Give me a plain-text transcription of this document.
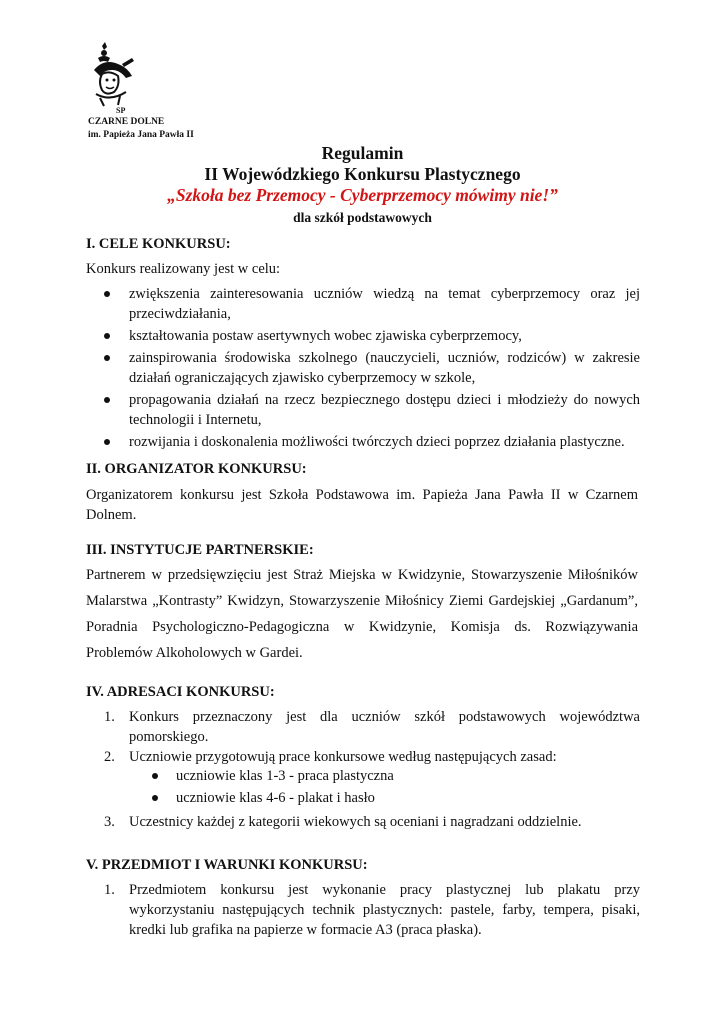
SP
CZARNE DOLNE
im. Papieża Jana Pawła II
Regulamin
II Wojewódzkiego Konkursu Plastycznego
„Szkoła bez Przemocy - Cyberprzemocy mówimy nie!”
dla szkół podstawowych
I. CELE KONKURSU:
Konkurs realizowany jest w celu:
zwiększenia zainteresowania uczniów wiedzą na temat cyberprzemocy oraz jej przeciwdziałania,
kształtowania postaw asertywnych wobec zjawiska cyberprzemocy,
zainspirowania środowiska szkolnego (nauczycieli, uczniów, rodziców) w zakresie działań ograniczających zjawisko cyberprzemocy w szkole,
propagowania działań na rzecz bezpiecznego dostępu dzieci i młodzieży do nowych technologii i Internetu,
rozwijania i doskonalenia możliwości twórczych dzieci poprzez działania plastyczne.
II. ORGANIZATOR KONKURSU:
Organizatorem konkursu jest Szkoła Podstawowa im. Papieża Jana Pawła II w Czarnem Dolnem.
III. INSTYTUCJE PARTNERSKIE:
Partnerem w przedsięwzięciu jest Straż Miejska w Kwidzynie, Stowarzyszenie Miłośników Malarstwa „Kontrasty” Kwidzyn, Stowarzyszenie Miłośnicy Ziemi Gardejskiej „Gardanum”, Poradnia Psychologiczno-Pedagogiczna w Kwidzynie, Komisja ds. Rozwiązywania Problemów Alkoholowych w Gardei.
IV. ADRESACI KONKURSU:
1. Konkurs przeznaczony jest dla uczniów szkół podstawowych województwa pomorskiego.
2. Uczniowie przygotowują prace konkursowe według następujących zasad:
uczniowie klas 1-3 - praca plastyczna
uczniowie klas 4-6 - plakat i hasło
3. Uczestnicy każdej z kategorii wiekowych są oceniani i nagradzani oddzielnie.
V. PRZEDMIOT I WARUNKI KONKURSU:
1. Przedmiotem konkursu jest wykonanie pracy plastycznej lub plakatu przy wykorzystaniu następujących technik plastycznych: pastele, farby, tempera, pisaki, kredki lub grafika na papierze w formacie A3 (praca płaska).
